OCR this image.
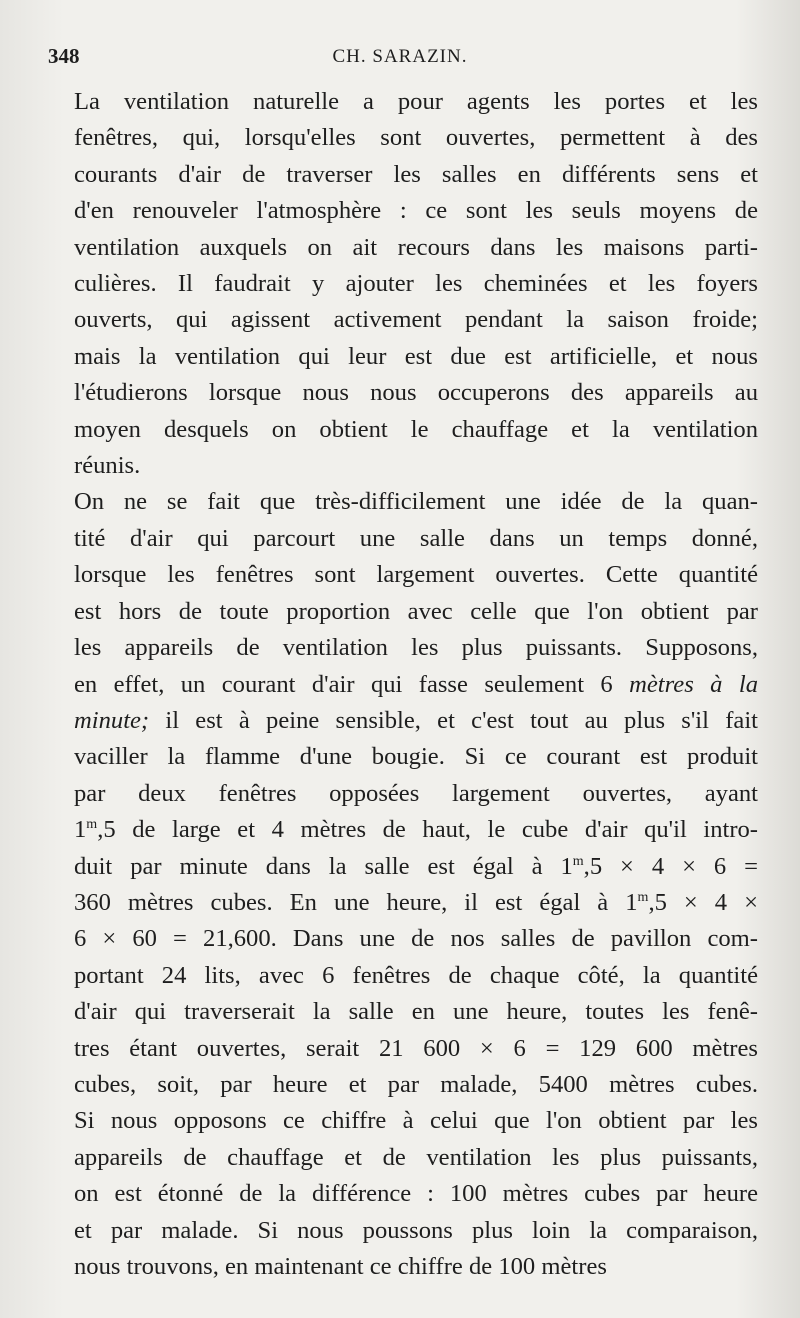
348	CH. SARAZIN.

La ventilation naturelle a pour agents les portes et les
fenêtres, qui, lorsqu'elles sont ouvertes, permettent à des
courants d'air de traverser les salles en différents sens et
d'en renouveler l'atmosphère : ce sont les seuls moyens de
ventilation auxquels on ait recours dans les maisons parti-
culières. Il faudrait y ajouter les cheminées et les foyers
ouverts, qui agissent activement pendant la saison froide;
mais la ventilation qui leur est due est artificielle, et nous
l'étudierons lorsque nous nous occuperons des appareils au
moyen desquels on obtient le chauffage et la ventilation
réunis.

On ne se fait que très-difficilement une idée de la quan-
tité d'air qui parcourt une salle dans un temps donné,
lorsque les fenêtres sont largement ouvertes. Cette quantité
est hors de toute proportion avec celle que l'on obtient par
les appareils de ventilation les plus puissants. Supposons,
en effet, un courant d'air qui fasse seulement 6 mètres à la
minute; il est à peine sensible, et c'est tout au plus s'il fait
vaciller la flamme d'une bougie. Si ce courant est produit
par deux fenêtres opposées largement ouvertes, ayant
1$^m$,5 de large et 4 mètres de haut, le cube d'air qu'il intro-
duit par minute dans la salle est égal à $1^m,5 \times 4 \times 6$ =
360 mètres cubes. En une heure, il est égal à $1^m,5 \times 4$ ×
6 × 60 = 21,600. Dans une de nos salles de pavillon com-
portant 24 lits, avec 6 fenêtres de chaque côté, la quantité
d'air qui traverserait la salle en une heure, toutes les fenê-
tres étant ouvertes, serait 21 600 × 6 = 129 600 mètres
cubes, soit, par heure et par malade, 5400 mètres cubes.
Si nous opposons ce chiffre à celui que l'on obtient par les
appareils de chauffage et de ventilation les plus puissants,
on est étonné de la différence : 100 mètres cubes par heure
et par malade. Si nous poussons plus loin la comparaison,
nous trouvons, en maintenant ce chiffre de 100 mètres
